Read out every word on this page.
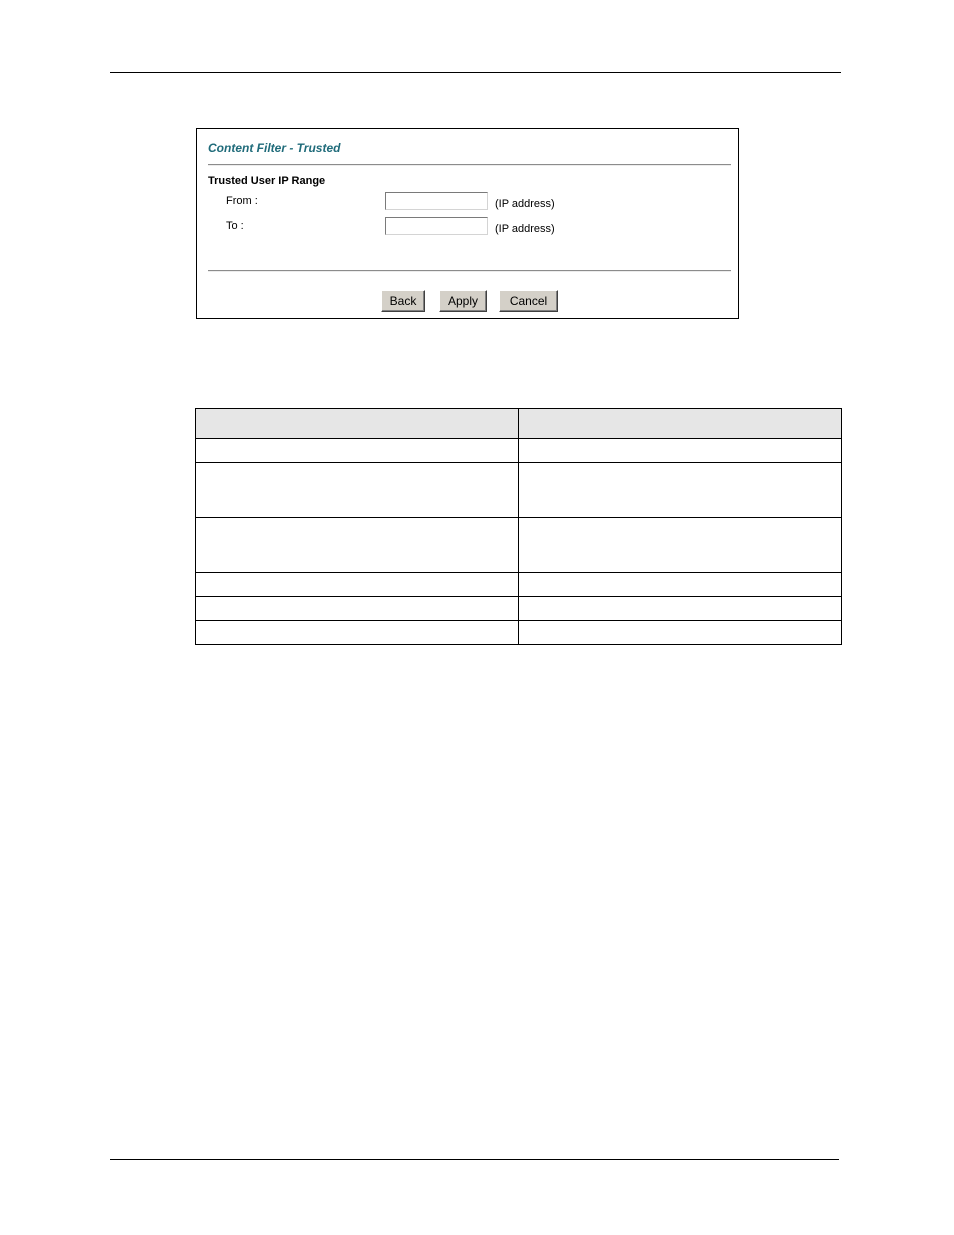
Content Filter - Trusted
Trusted User IP Range
From :	(IP address)
To :	(IP address)
Back	Apply	Cancel
